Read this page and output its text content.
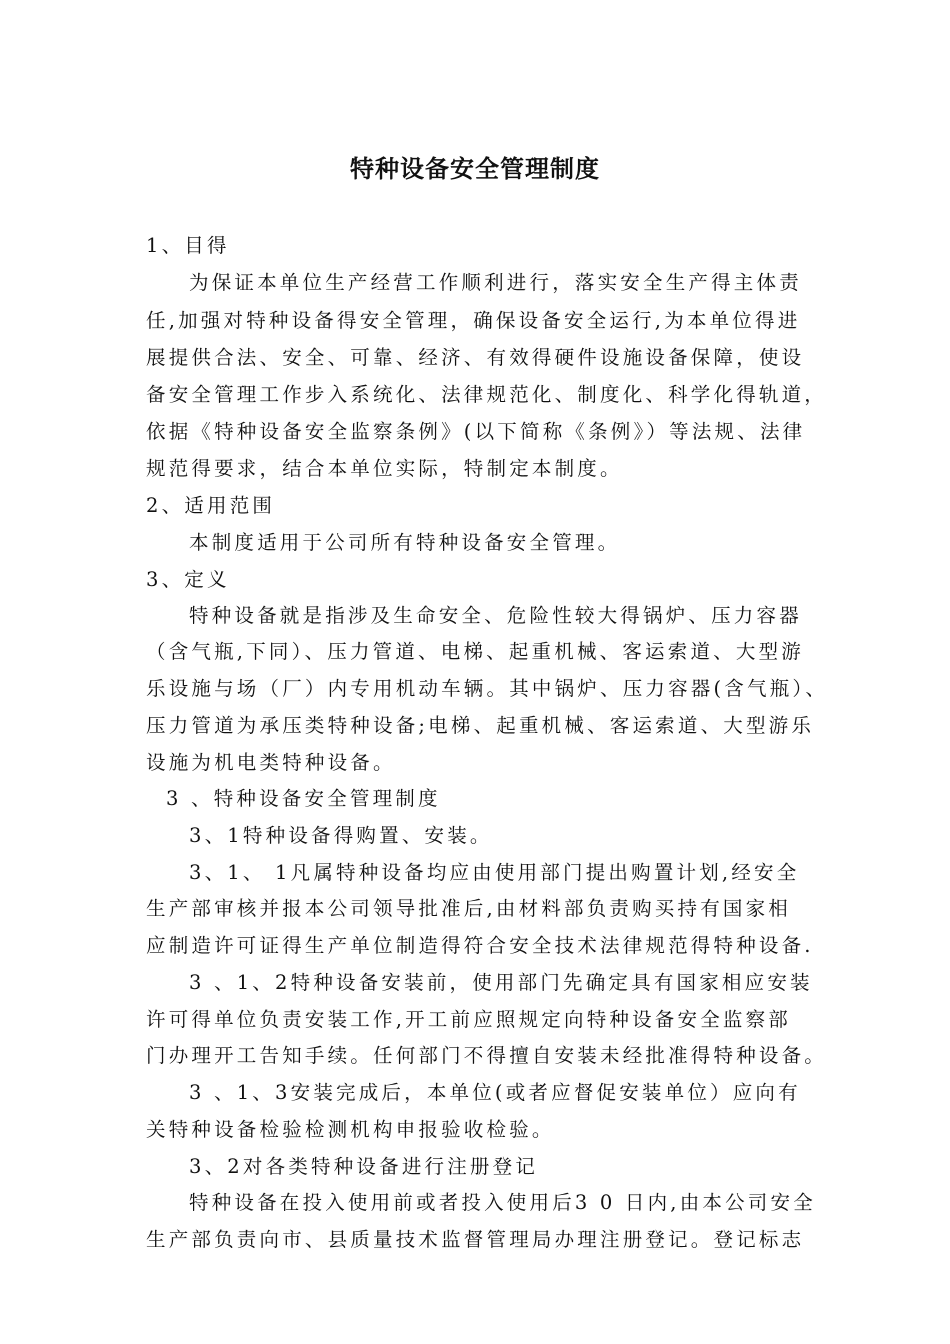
特种设备安全管理制度
1、目得
为保证本单位生产经营工作顺利进行，落实安全生产得主体责
任,加强对特种设备得安全管理，确保设备安全运行,为本单位得进
展提供合法、安全、可靠、经济、有效得硬件设施设备保障，使设
备安全管理工作步入系统化、法律规范化、制度化、科学化得轨道，
依据《特种设备安全监察条例》(以下简称《条例》）等法规、法律
规范得要求，结合本单位实际，特制定本制度。
2、适用范围
本制度适用于公司所有特种设备安全管理。
3、定义
特种设备就是指涉及生命安全、危险性较大得锅炉、压力容器
（含气瓶,下同）、压力管道、电梯、起重机械、客运索道、大型游
乐设施与场（厂）内专用机动车辆。其中锅炉、压力容器(含气瓶）、
压力管道为承压类特种设备;电梯、起重机械、客运索道、大型游乐
设施为机电类特种设备。
3 、特种设备安全管理制度
3、1特种设备得购置、安装。
3、1、 1凡属特种设备均应由使用部门提出购置计划,经安全
生产部审核并报本公司领导批准后,由材料部负责购买持有国家相
应制造许可证得生产单位制造得符合安全技术法律规范得特种设备.
3 、1、2特种设备安装前，使用部门先确定具有国家相应安装
许可得单位负责安装工作,开工前应照规定向特种设备安全监察部
门办理开工告知手续。任何部门不得擅自安装未经批准得特种设备。
3 、1、3安装完成后，本单位(或者应督促安装单位）应向有
关特种设备检验检测机构申报验收检验。
3、2对各类特种设备进行注册登记
特种设备在投入使用前或者投入使用后3 0 日内,由本公司安全
生产部负责向市、县质量技术监督管理局办理注册登记。登记标志
